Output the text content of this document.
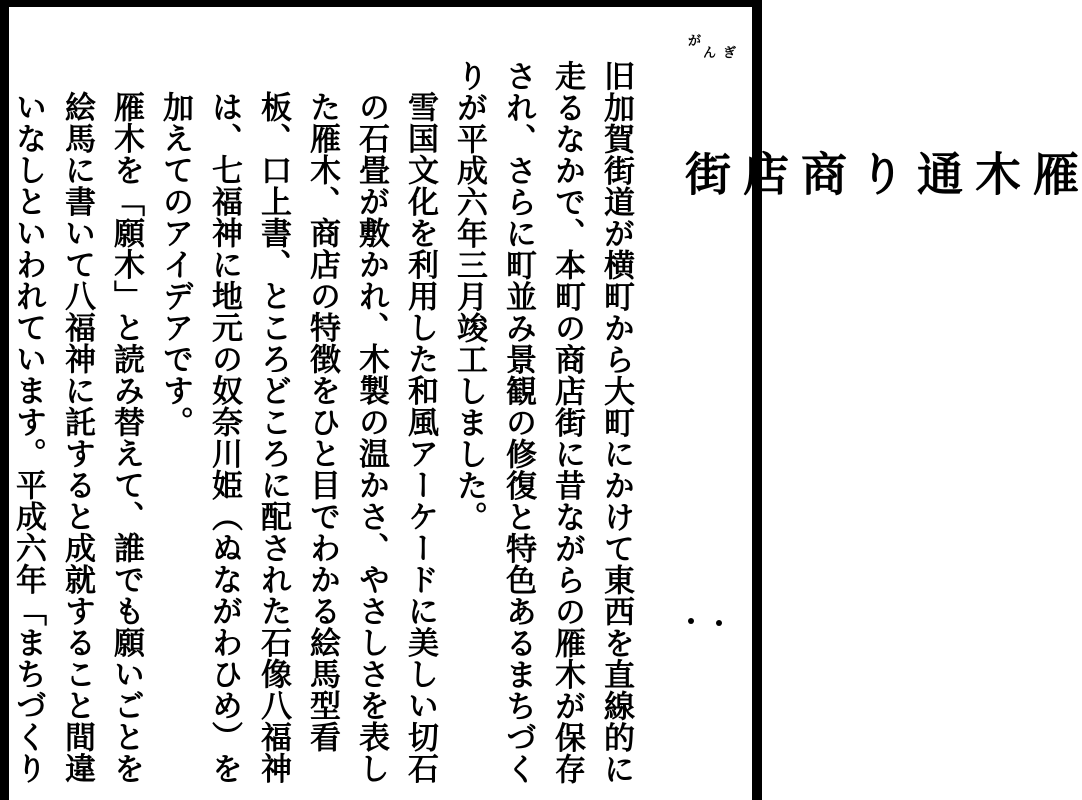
が
ん ぎ
雁木通り商店街

旧加賀街道が横町から大町にかけて東西を直線的に走るなかで、本町の商店街に昔ながらの雁木が保存され、さらに町並み景観の修復と特色あるまちづくりが平成六年三月竣工しました。

雪国文化を利用した和風アーケードに美しい切石の石畳が敷かれ、木製の温かさ、やさしさを表した雁木、商店の特徴をひと目でわかる絵馬型看板、口上書、ところどころに配された石像八福神は、七福神に地元の奴奈川姫（ぬながわひめ）を加えてのアイデアです。

雁木を「願木」と読み替えて、誰でも願いごとを絵馬に書いて八福神に託すると成就すること間違いなしといわれています。平成六年「まちづくり
